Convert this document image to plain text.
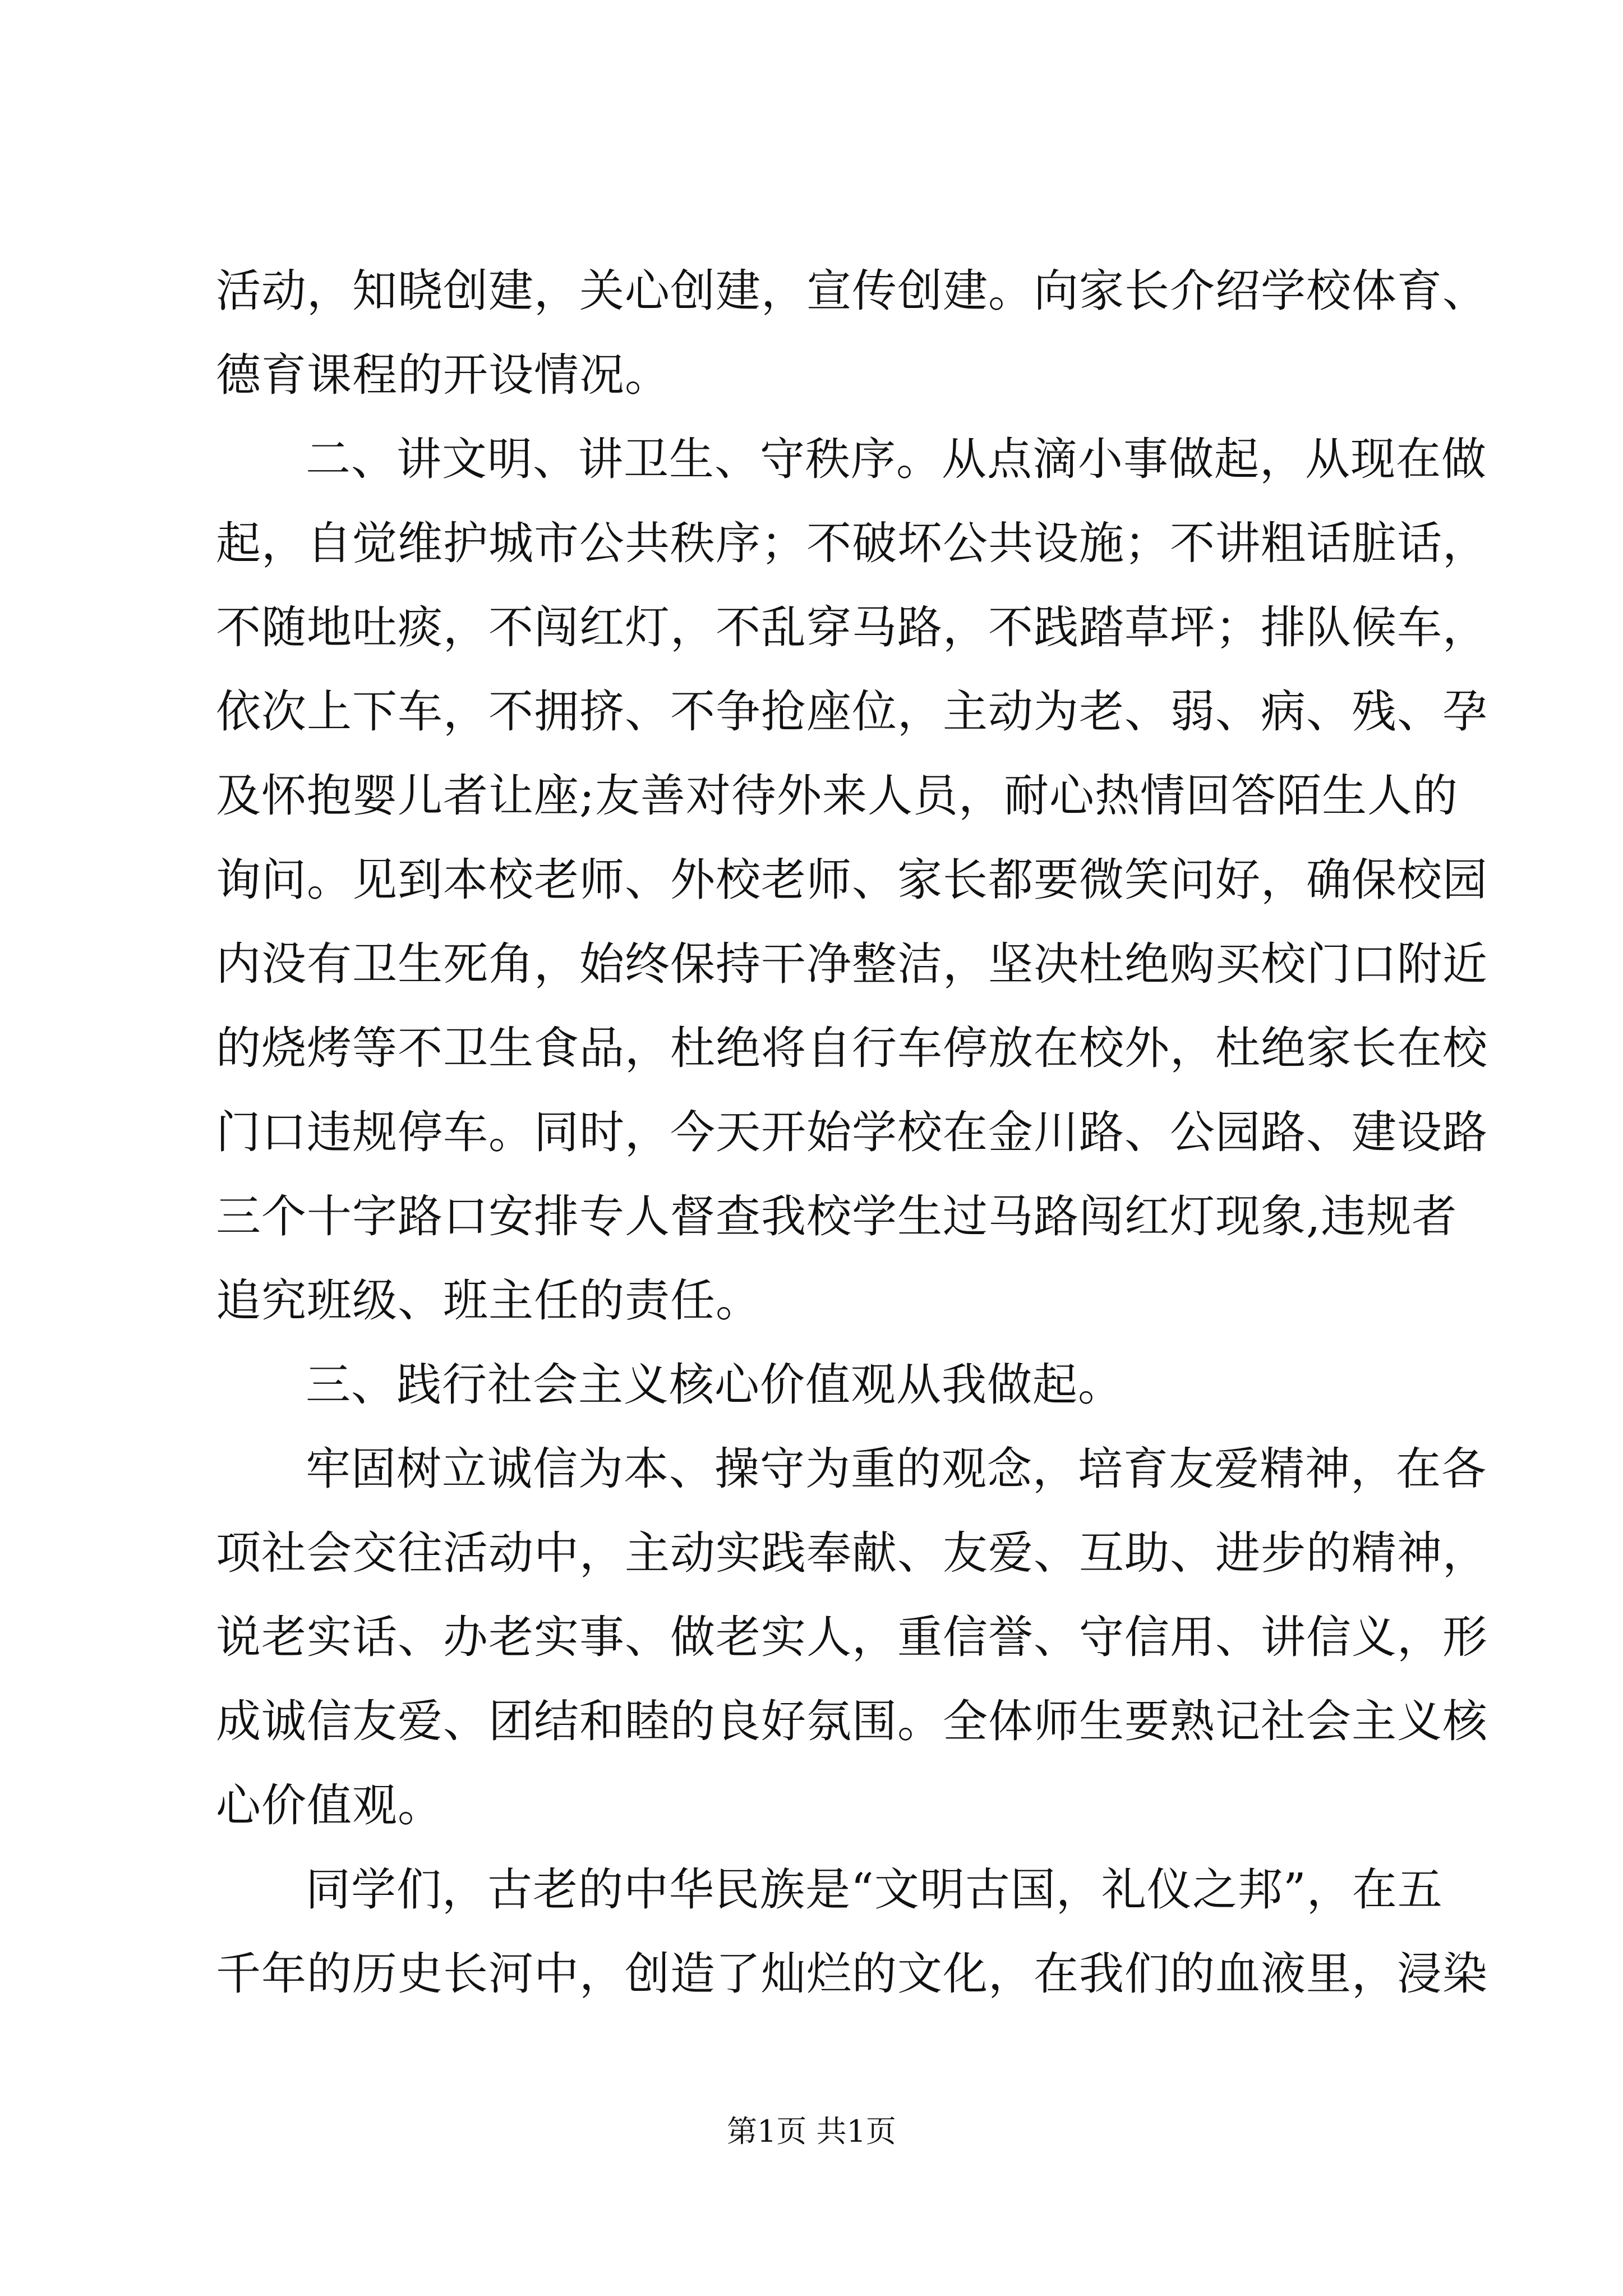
活动，知晓创建，关心创建，宣传创建。向家长介绍学校体育、
德育课程的开设情况。
二、讲文明、讲卫生、守秩序。从点滴小事做起，从现在做
起，自觉维护城市公共秩序；不破坏公共设施；不讲粗话脏话，
不随地吐痰，不闯红灯，不乱穿马路，不践踏草坪；排队候车，
依次上下车，不拥挤、不争抢座位，主动为老、弱、病、残、孕
及怀抱婴儿者让座;友善对待外来人员，耐心热情回答陌生人的
询问。见到本校老师、外校老师、家长都要微笑问好，确保校园
内没有卫生死角，始终保持干净整洁，坚决杜绝购买校门口附近
的烧烤等不卫生食品，杜绝将自行车停放在校外，杜绝家长在校
门口违规停车。同时，今天开始学校在金川路、公园路、建设路
三个十字路口安排专人督查我校学生过马路闯红灯现象,违规者
追究班级、班主任的责任。
三、践行社会主义核心价值观从我做起。
牢固树立诚信为本、操守为重的观念，培育友爱精神，在各
项社会交往活动中，主动实践奉献、友爱、互助、进步的精神，
说老实话、办老实事、做老实人，重信誉、守信用、讲信义，形
成诚信友爱、团结和睦的良好氛围。全体师生要熟记社会主义核
心价值观。
同学们，古老的中华民族是“文明古国，礼仪之邦”，在五
千年的历史长河中，创造了灿烂的文化，在我们的血液里，浸染
第1页 共1页
